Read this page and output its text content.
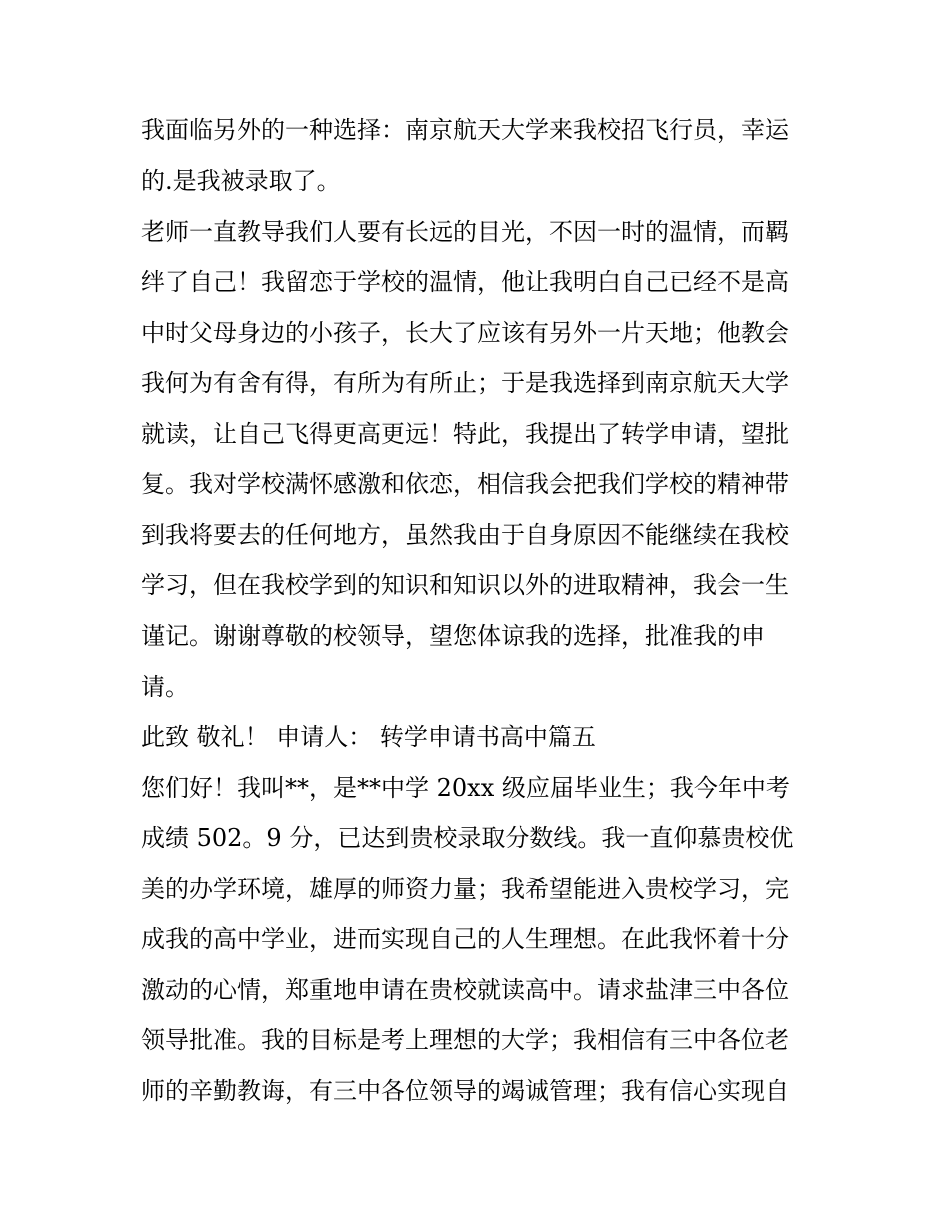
我面临另外的一种选择：南京航天大学来我校招飞行员，幸运
的.是我被录取了。
老师一直教导我们人要有长远的目光，不因一时的温情，而羁
绊了自己！我留恋于学校的温情，他让我明白自己已经不是高
中时父母身边的小孩子，长大了应该有另外一片天地；他教会
我何为有舍有得，有所为有所止；于是我选择到南京航天大学
就读，让自己飞得更高更远！特此，我提出了转学申请，望批
复。我对学校满怀感激和依恋，相信我会把我们学校的精神带
到我将要去的任何地方，虽然我由于自身原因不能继续在我校
学习，但在我校学到的知识和知识以外的进取精神，我会一生
谨记。谢谢尊敬的校领导，望您体谅我的选择，批准我的申
请。
此致 敬礼！ 申请人： 转学申请书高中篇五
您们好！我叫**，是**中学 20xx 级应届毕业生；我今年中考
成绩 502。9 分，已达到贵校录取分数线。我一直仰慕贵校优
美的办学环境，雄厚的师资力量；我希望能进入贵校学习，完
成我的高中学业，进而实现自己的人生理想。在此我怀着十分
激动的心情，郑重地申请在贵校就读高中。请求盐津三中各位
领导批准。我的目标是考上理想的大学；我相信有三中各位老
师的辛勤教诲，有三中各位领导的竭诚管理；我有信心实现自
